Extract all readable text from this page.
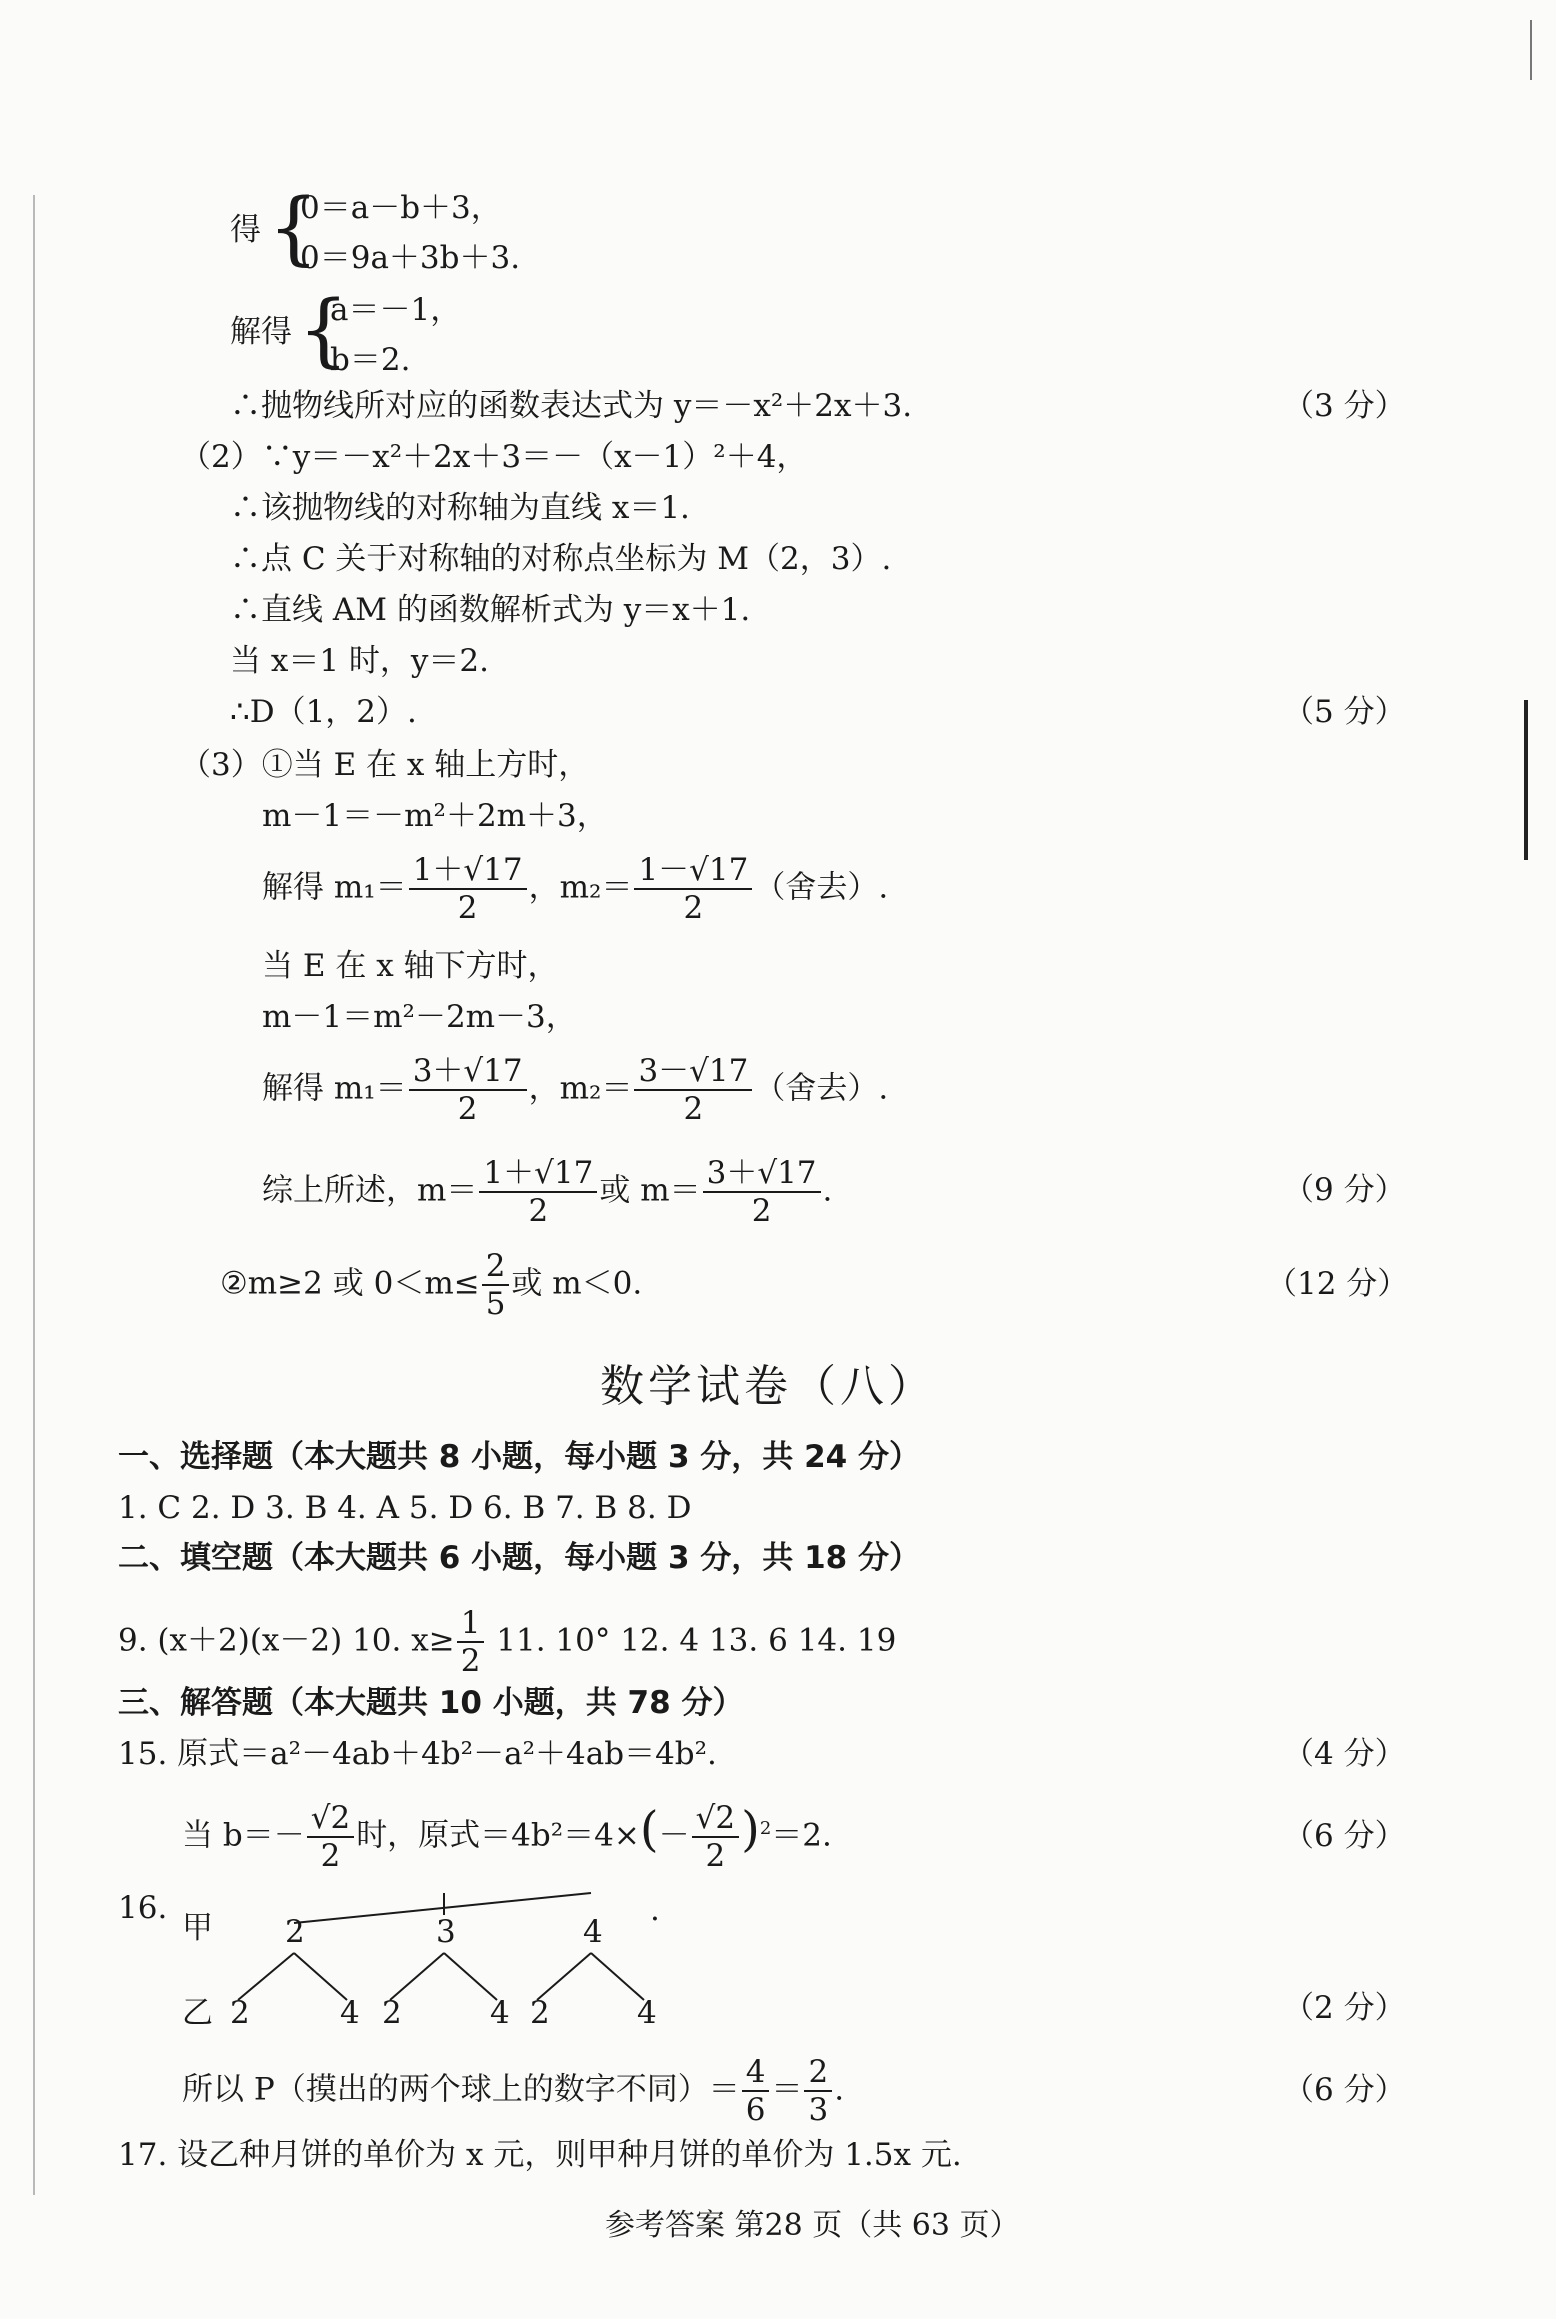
得 {
0＝a－b＋3，
0＝9a＋3b＋3.
解得 {
a＝－1，
b＝2.
∴抛物线所对应的函数表达式为 y＝－x²＋2x＋3.	（3 分）
（2）∵y＝－x²＋2x＋3＝－（x－1）²＋4，
∴该抛物线的对称轴为直线 x＝1.
∴点 C 关于对称轴的对称点坐标为 M（2，3）.
∴直线 AM 的函数解析式为 y＝x＋1.
当 x＝1 时，y＝2.
∴D（1，2）.	（5 分）
（3）①当 E 在 x 轴上方时，
m－1＝－m²＋2m＋3，
解得 $m_1= \frac{1+√17}{2}$ ，$m_2= \frac{1-√17}{2}$ （舍去）.
当 E 在 x 轴下方时，
m－1＝m²－2m－3，
解得 $m_1= \frac{3+√17}{2}$ ，$m_2= \frac{3-√17}{2}$ （舍去）.
综上所述，$m= \frac{1+√17}{2}$ 或 $m= \frac{3+√17}{2}$ .	（9 分）
②m≥2 或 $0<m\le \frac{2}{5}$ 或 m＜0.	（12 分）
数学试卷（八）
一、选择题（本大题共 8 小题，每小题 3 分，共 24 分）
1. C 2. D 3. B 4. A 5. D 6. B 7. B 8. D
二、填空题（本大题共 6 小题，每小题 3 分，共 18 分）
9. (x＋2)(x－2) 10. $x\ge \frac{1}{2} 11$. 10° 12. 4 13. 6 14. 19
三、解答题（本大题共 10 小题，共 78 分）
15. 原式＝a²－4ab＋4b²－a²＋4ab＝4b².	（4 分）
当 $b=- \frac{√2}{2}$ 时，原式$=4b^2=4\times(- \frac{√2}{2} )^2=2$.	（6 分）
16.
甲 2	3	4
.
乙 2	4 2	4 2	4	（2 分）
所以 P（摸出的两个球上的数字不同）＝ $\frac{4}{6} = \frac{2}{3}$ .	（6 分）
17. 设乙种月饼的单价为 x 元，则甲种月饼的单价为 1.5x 元.
参考答案 第28 页（共 63 页）
